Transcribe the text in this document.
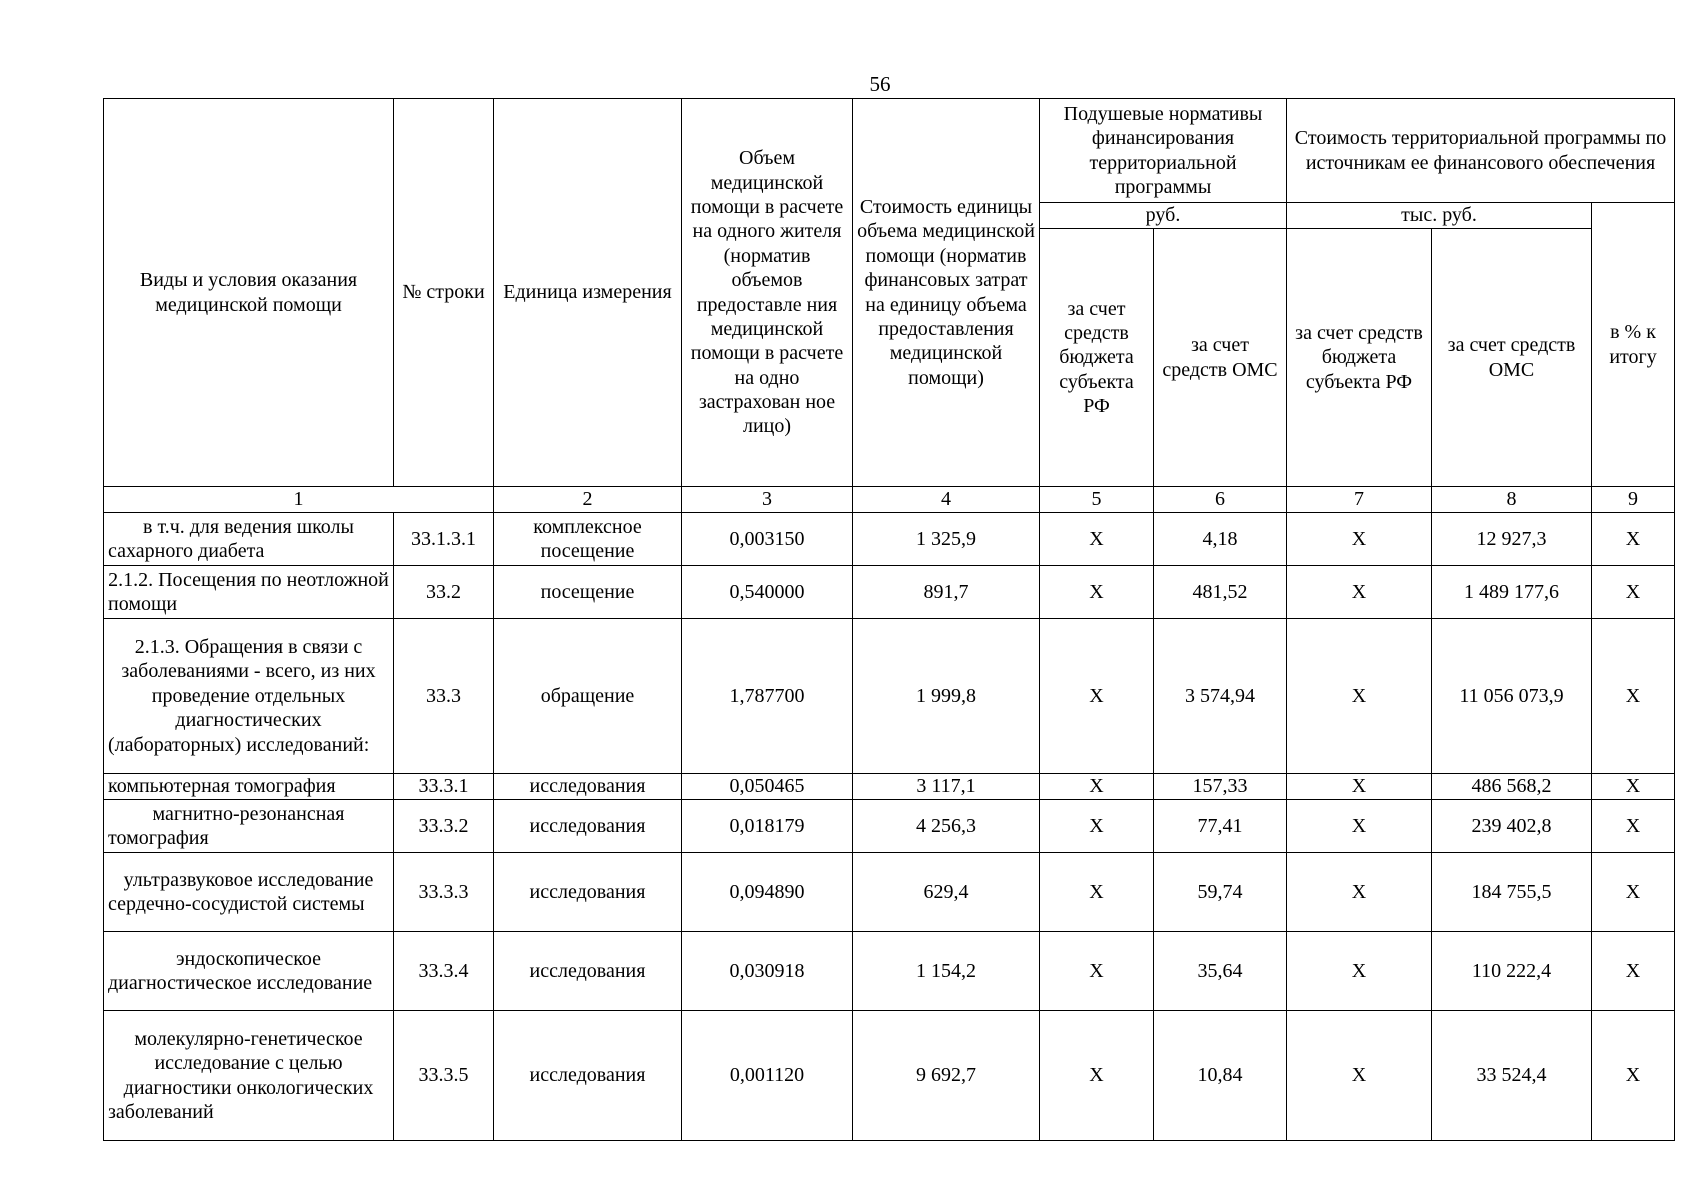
56
Виды и условия оказания медицинской помощи	№ строки	Единица измерения	Объем медицинской помощи в расчете на одного жителя (норматив объемов предоставле ния медицинской помощи в расчете на одно застрахован ное лицо)	Стоимость единицы объема медицинской помощи (норматив финансовых затрат на единицу объема предоставления медицинской помощи)	Подушевые нормативы финансирования территориальной программы		Стоимость территориальной программы по источникам ее финансового обеспечения		
					руб.		тыс. руб.		в % к итогу
					за счет средств бюджета субъекта РФ	за счет средств ОМС	за счет средств бюджета субъекта РФ	за счет средств ОМС	
1		2	3	4	5	6	7	8	9
в т.ч. для ведения школы сахарного диабета	33.1.3.1	комплексное посещение	0,003150	1 325,9	Х	4,18	Х	12 927,3	Х
2.1.2. Посещения по неотложной помощи	33.2	посещение	0,540000	891,7	Х	481,52	Х	1 489 177,6	Х
2.1.3. Обращения в связи с заболеваниями - всего, из них проведение отдельных диагностических (лабораторных) исследований:	33.3	обращение	1,787700	1 999,8	Х	3 574,94	Х	11 056 073,9	Х
компьютерная томография	33.3.1	исследования	0,050465	3 117,1	Х	157,33	Х	486 568,2	Х
магнитно-резонансная томография	33.3.2	исследования	0,018179	4 256,3	Х	77,41	Х	239 402,8	Х
ультразвуковое исследование сердечно-сосудистой системы	33.3.3	исследования	0,094890	629,4	Х	59,74	Х	184 755,5	Х
эндоскопическое диагностическое исследование	33.3.4	исследования	0,030918	1 154,2	Х	35,64	Х	110 222,4	Х
молекулярно-генетическое исследование с целью диагностики онкологических заболеваний	33.3.5	исследования	0,001120	9 692,7	Х	10,84	Х	33 524,4	Х
